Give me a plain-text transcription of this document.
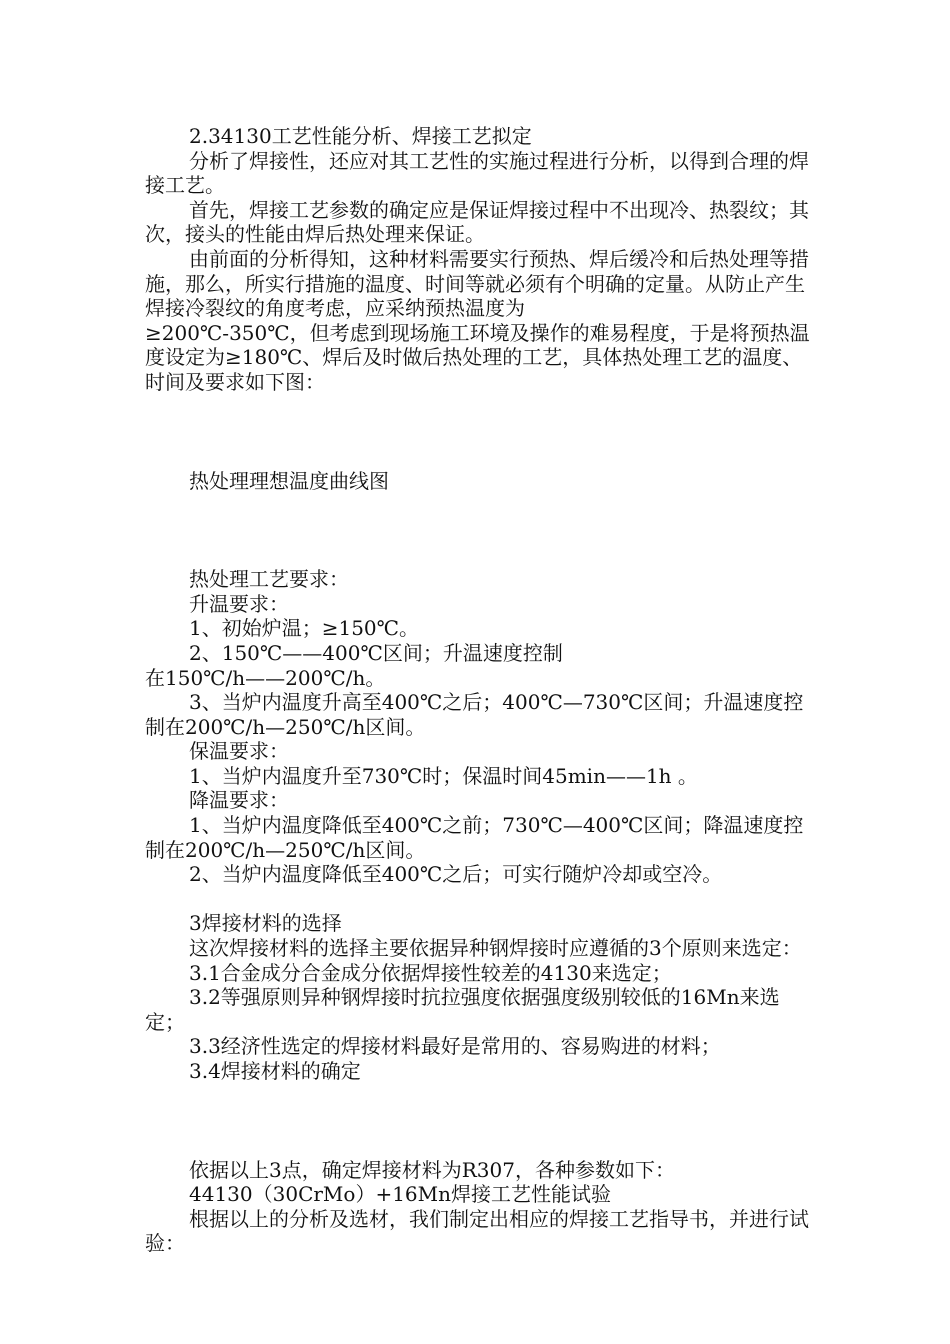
2.34130工艺性能分析、焊接工艺拟定

分析了焊接性，还应对其工艺性的实施过程进行分析，以得到合理的焊接工艺。

首先，焊接工艺参数的确定应是保证焊接过程中不出现冷、热裂纹；其次，接头的性能由焊后热处理来保证。

由前面的分析得知，这种材料需要实行预热、焊后缓冷和后热处理等措施，那么，所实行措施的温度、时间等就必须有个明确的定量。从防止产生焊接冷裂纹的角度考虑，应采纳预热温度为

≥200℃-350℃，但考虑到现场施工环境及操作的难易程度，于是将预热温度设定为≥180℃、焊后及时做后热处理的工艺，具体热处理工艺的温度、时间及要求如下图：

热处理理想温度曲线图

热处理工艺要求：

升温要求：

1、初始炉温；≥150℃。

2、150℃——400℃区间；升温速度控制

在150℃/h——200℃/h。

3、当炉内温度升高至400℃之后；400℃—730℃区间；升温速度控制在200℃/h—250℃/h区间。

保温要求：

1、当炉内温度升至730℃时；保温时间45min——1h 。

降温要求：

1、当炉内温度降低至400℃之前；730℃—400℃区间；降温速度控制在200℃/h—250℃/h区间。

2、当炉内温度降低至400℃之后；可实行随炉冷却或空冷。

3焊接材料的选择

这次焊接材料的选择主要依据异种钢焊接时应遵循的3个原则来选定：

3.1合金成分合金成分依据焊接性较差的4130来选定；

3.2等强原则异种钢焊接时抗拉强度依据强度级别较低的16Mn来选定；

3.3经济性选定的焊接材料最好是常用的、容易购进的材料；

3.4焊接材料的确定

依据以上3点，确定焊接材料为R307，各种参数如下：

44130（30CrMo）+16Mn焊接工艺性能试验

根据以上的分析及选材，我们制定出相应的焊接工艺指导书，并进行试验：
